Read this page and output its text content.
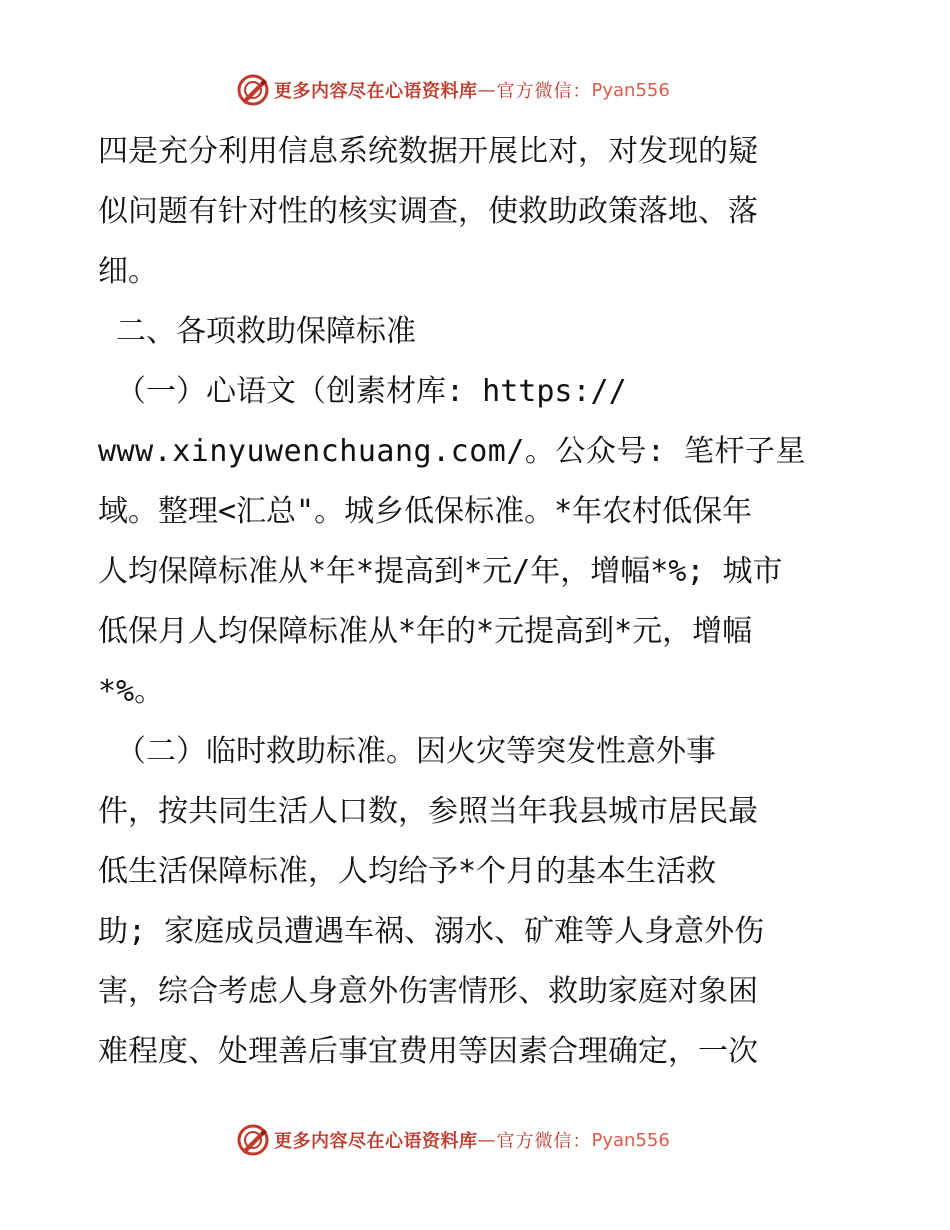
更多内容尽在心语资料库 — 官方微信： Pyan556
四是充分利用信息系统数据开展比对，对发现的疑
似问题有针对性的核实调查，使救助政策落地、落
细。
二、各项救助保障标准
（一）心语文（创素材库: https://
www.xinyuwenchuang.com/。公众号: 笔杆子星
域。整理<汇总"。城乡低保标准。*年农村低保年
人均保障标准从*年*提高到*元/年，增幅*%; 城市
低保月人均保障标准从*年的*元提高到*元，增幅
*%。
（二）临时救助标准。因火灾等突发性意外事
件，按共同生活人口数，参照当年我县城市居民最
低生活保障标准，人均给予*个月的基本生活救
助; 家庭成员遭遇车祸、溺水、矿难等人身意外伤
害，综合考虑人身意外伤害情形、救助家庭对象困
难程度、处理善后事宜费用等因素合理确定，一次
更多内容尽在心语资料库 — 官方微信： Pyan556
